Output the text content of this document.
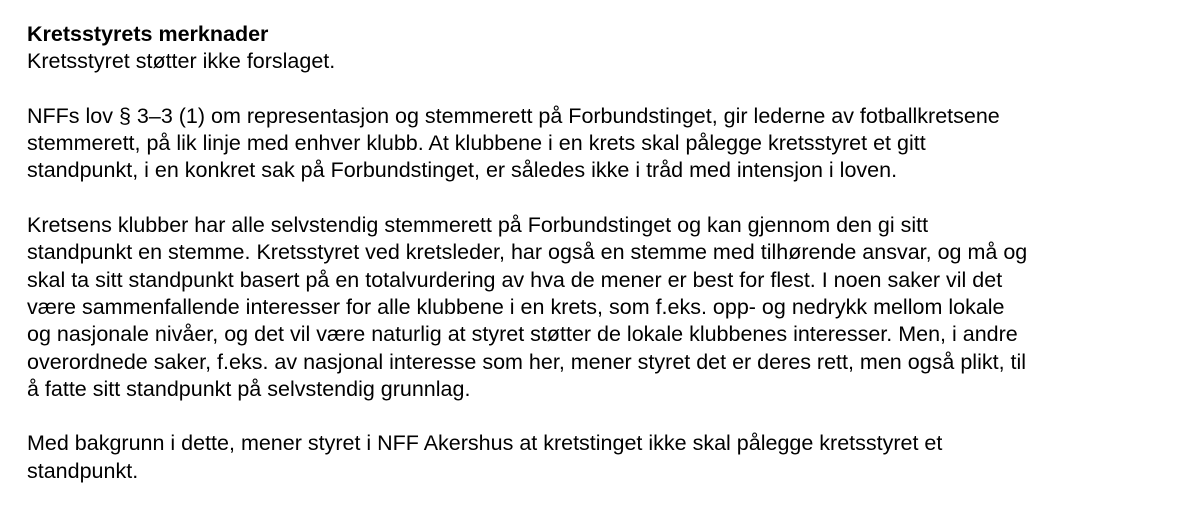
Kretsstyrets merknader
Kretsstyret støtter ikke forslaget.
NFFs lov § 3–3 (1) om representasjon og stemmerett på Forbundstinget, gir lederne av fotballkretsene
stemmerett, på lik linje med enhver klubb. At klubbene i en krets skal pålegge kretsstyret et gitt
standpunkt, i en konkret sak på Forbundstinget, er således ikke i tråd med intensjon i loven.
Kretsens klubber har alle selvstendig stemmerett på Forbundstinget og kan gjennom den gi sitt
standpunkt en stemme. Kretsstyret ved kretsleder, har også en stemme med tilhørende ansvar, og må og
skal ta sitt standpunkt basert på en totalvurdering av hva de mener er best for flest. I noen saker vil det
være sammenfallende interesser for alle klubbene i en krets, som f.eks. opp- og nedrykk mellom lokale
og nasjonale nivåer, og det vil være naturlig at styret støtter de lokale klubbenes interesser. Men, i andre
overordnede saker, f.eks. av nasjonal interesse som her, mener styret det er deres rett, men også plikt, til
å fatte sitt standpunkt på selvstendig grunnlag.
Med bakgrunn i dette, mener styret i NFF Akershus at kretstinget ikke skal pålegge kretsstyret et
standpunkt.
